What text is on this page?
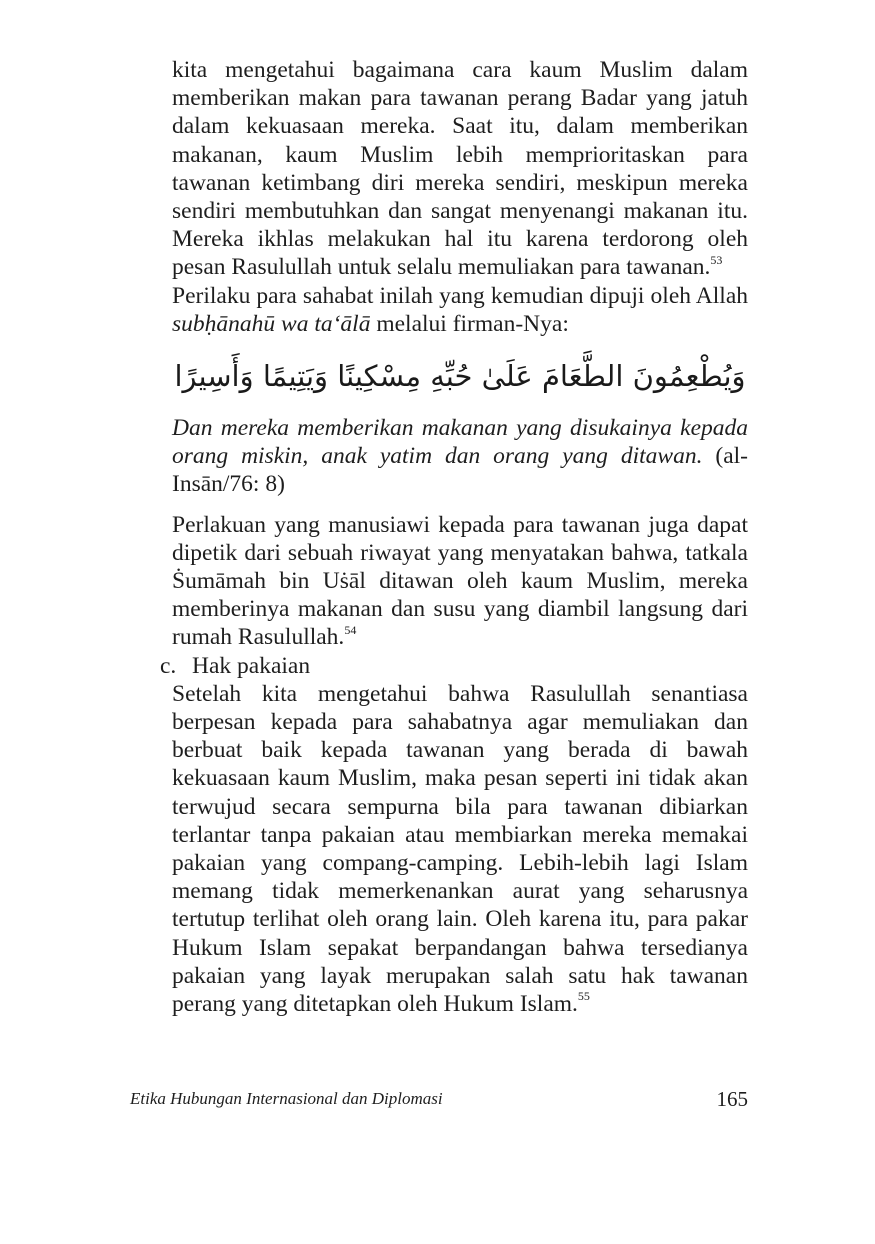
kita mengetahui bagaimana cara kaum Muslim dalam memberikan makan para tawanan perang Badar yang jatuh dalam kekuasaan mereka. Saat itu, dalam memberikan makanan, kaum Muslim lebih memprioritaskan para tawanan ketimbang diri mereka sendiri, meskipun mereka sendiri membutuhkan dan sangat menyenangi makanan itu. Mereka ikhlas melakukan hal itu karena terdorong oleh pesan Rasulullah untuk selalu memuliakan para tawanan.$^{53}$
Perilaku para sahabat inilah yang kemudian dipuji oleh Allah subḥānahū wa ta‘ālā melalui firman-Nya:

وَيُطْعِمُونَ الطَّعَامَ عَلَىٰ حُبِّهِ مِسْكِينًا وَيَتِيمًا وَأَسِيرًا

Dan mereka memberikan makanan yang disukainya kepada orang miskin, anak yatim dan orang yang ditawan. (al-Insān/76: 8)

Perlakuan yang manusiawi kepada para tawanan juga dapat dipetik dari sebuah riwayat yang menyatakan bahwa, tatkala Ṡumāmah bin Uṡāl ditawan oleh kaum Muslim, mereka memberinya makanan dan susu yang diambil langsung dari rumah Rasulullah.$^{54}$

c. Hak pakaian

Setelah kita mengetahui bahwa Rasulullah senantiasa berpesan kepada para sahabatnya agar memuliakan dan berbuat baik kepada tawanan yang berada di bawah kekuasaan kaum Muslim, maka pesan seperti ini tidak akan terwujud secara sempurna bila para tawanan dibiarkan terlantar tanpa pakaian atau membiarkan mereka memakai pakaian yang compang-camping. Lebih-lebih lagi Islam memang tidak memerkenankan aurat yang seharusnya tertutup terlihat oleh orang lain. Oleh karena itu, para pakar Hukum Islam sepakat berpandangan bahwa tersedianya pakaian yang layak merupakan salah satu hak tawanan perang yang ditetapkan oleh Hukum Islam.$^{55}$

Etika Hubungan Internasional dan Diplomasi	165
